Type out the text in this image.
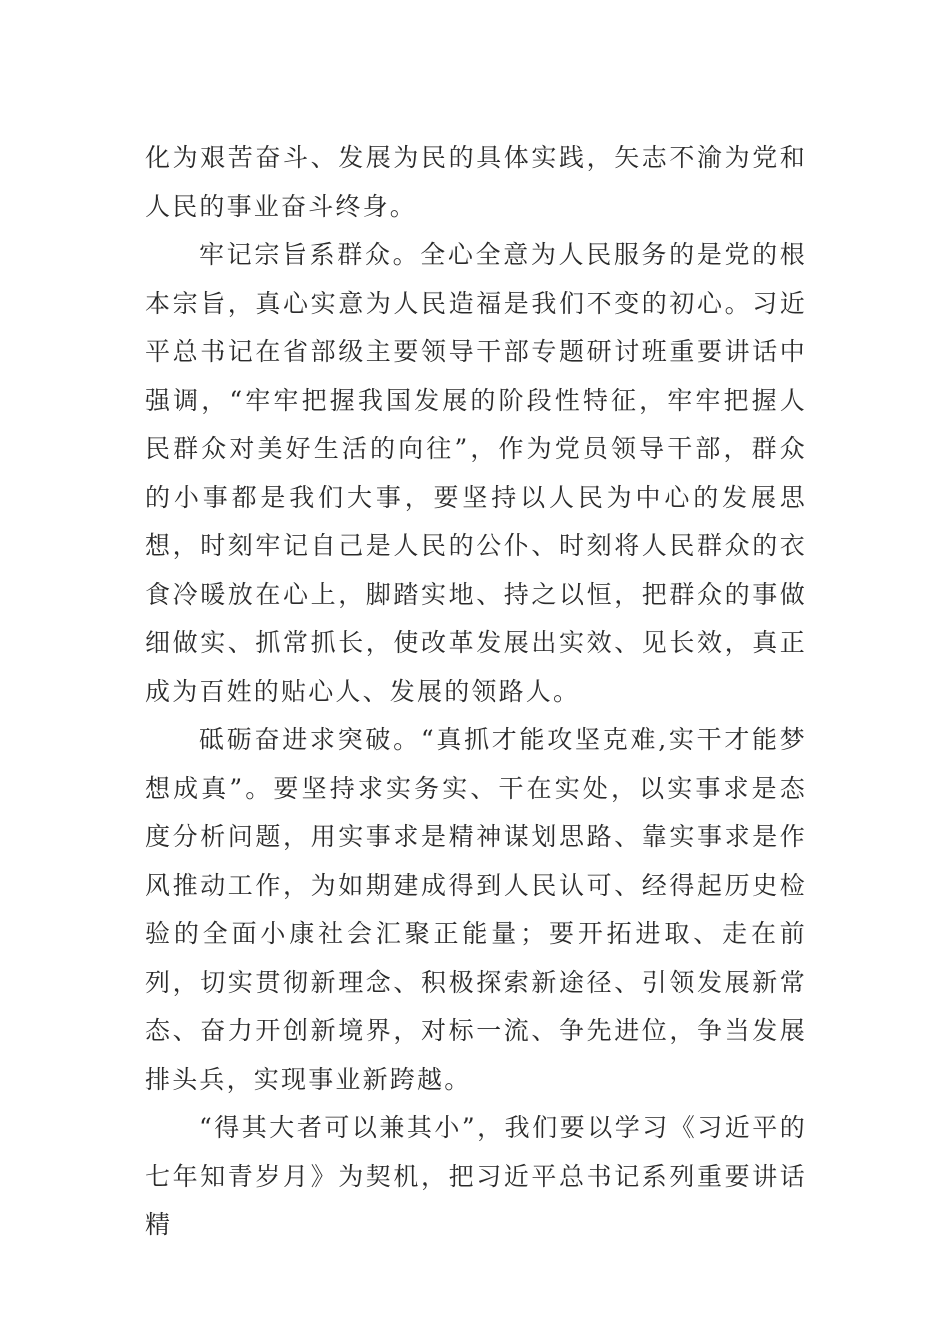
化为艰苦奋斗、发展为民的具体实践，矢志不渝为党和人民的事业奋斗终身。

牢记宗旨系群众。全心全意为人民服务的是党的根本宗旨，真心实意为人民造福是我们不变的初心。习近平总书记在省部级主要领导干部专题研讨班重要讲话中强调，“牢牢把握我国发展的阶段性特征，牢牢把握人民群众对美好生活的向往”，作为党员领导干部，群众的小事都是我们大事，要坚持以人民为中心的发展思想，时刻牢记自己是人民的公仆、时刻将人民群众的衣食冷暖放在心上，脚踏实地、持之以恒，把群众的事做细做实、抓常抓长，使改革发展出实效、见长效，真正成为百姓的贴心人、发展的领路人。

砥砺奋进求突破。“真抓才能攻坚克难,实干才能梦想成真”。要坚持求实务实、干在实处，以实事求是态度分析问题，用实事求是精神谋划思路、靠实事求是作风推动工作，为如期建成得到人民认可、经得起历史检验的全面小康社会汇聚正能量；要开拓进取、走在前列，切实贯彻新理念、积极探索新途径、引领发展新常态、奋力开创新境界，对标一流、争先进位，争当发展排头兵，实现事业新跨越。

“得其大者可以兼其小”，我们要以学习《习近平的七年知青岁月》为契机，把习近平总书记系列重要讲话精
